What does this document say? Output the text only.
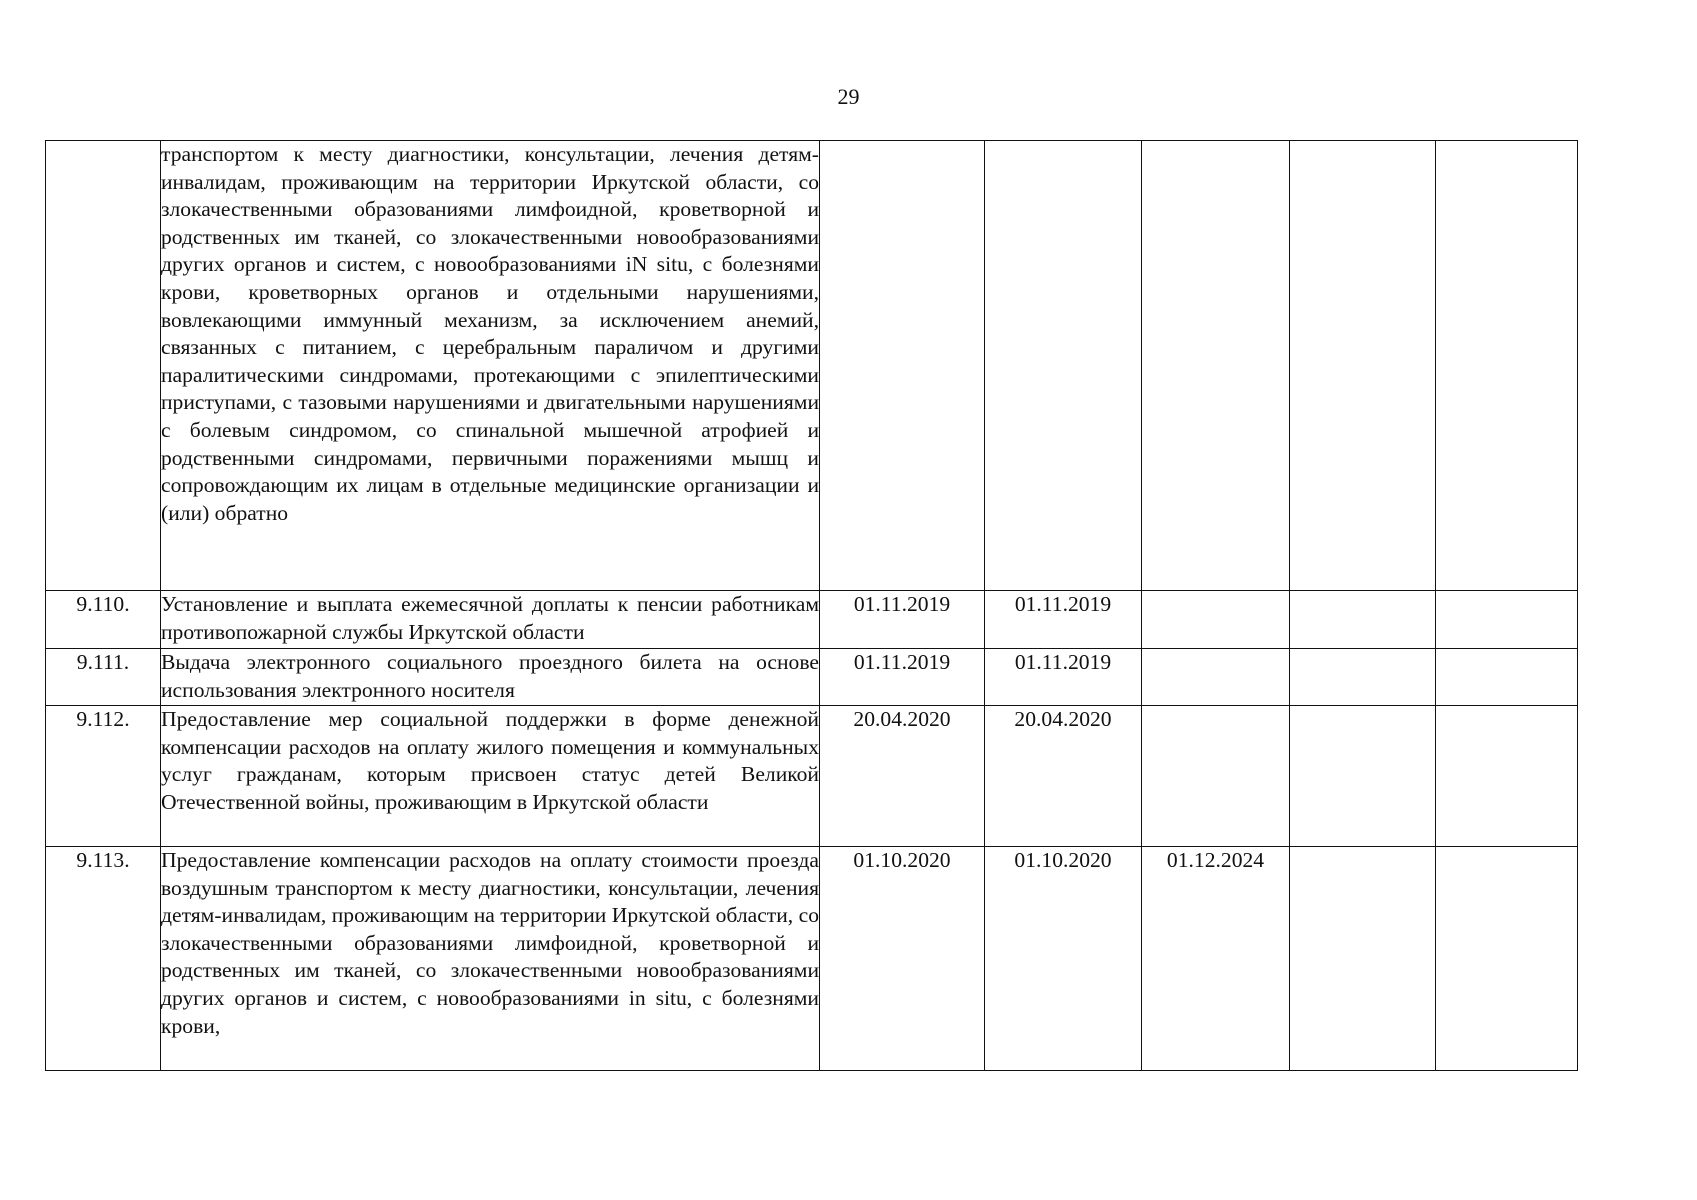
29

	транспортом к месту диагностики, консультации, лечения детям-инвалидам, проживающим на территории Иркутской области, со злокачественными образованиями лимфоидной, кроветворной и родственных им тканей, со злокачественными новообразованиями других органов и систем, с новообразованиями iN situ, с болезнями крови, кроветворных органов и отдельными нарушениями, вовлекающими иммунный механизм, за исключением анемий, связанных с питанием, с церебральным параличом и другими паралитическими синдромами, протекающими с эпилептическими приступами, с тазовыми нарушениями и двигательными нарушениями с болевым синдромом, со спинальной мышечной атрофией и родственными синдромами, первичными поражениями мышц и сопровождающим их лицам в отдельные медицинские организации и (или) обратно					

9.110.	Установление и выплата ежемесячной доплаты к пенсии работникам противопожарной службы Иркутской области	01.11.2019	01.11.2019			
9.111.	Выдача электронного социального проездного билета на основе использования электронного носителя	01.11.2019	01.11.2019			
9.112.	Предоставление мер социальной поддержки в форме денежной компенсации расходов на оплату жилого помещения и коммунальных услуг гражданам, которым присвоен статус детей Великой Отечественной войны, проживающим в Иркутской области	20.04.2020	20.04.2020			
9.113.	Предоставление компенсации расходов на оплату стоимости проезда воздушным транспортом к месту диагностики, консультации, лечения детям-инвалидам, проживающим на территории Иркутской области, со злокачественными образованиями лимфоидной, кроветворной и родственных им тканей, со злокачественными новообразованиями других органов и систем, с новообразованиями in situ, с болезнями крови,	01.10.2020	01.10.2020	01.12.2024		
